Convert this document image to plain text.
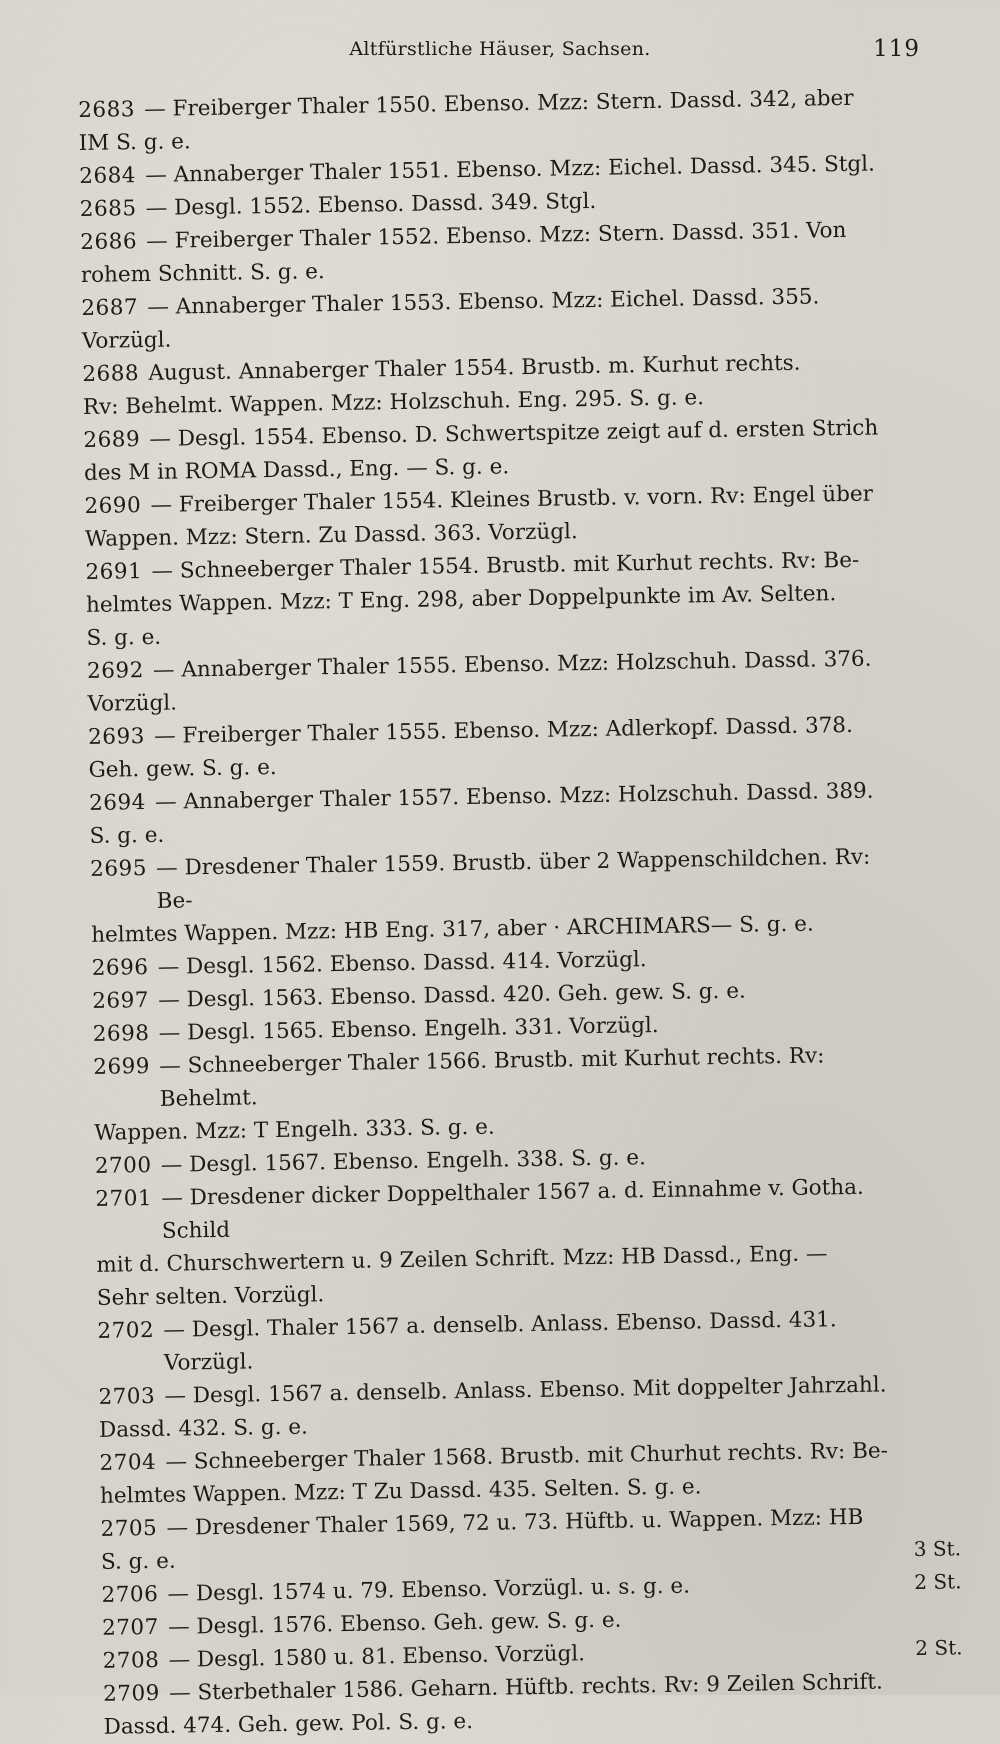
Altfürstliche Häuser, Sachsen.	119
2683 — Freiberger Thaler 1550. Ebenso. Mzz: Stern. Dassd. 342, aber
IM S. g. e.
2684 — Annaberger Thaler 1551. Ebenso. Mzz: Eichel. Dassd. 345. Stgl.
2685 — Desgl. 1552. Ebenso. Dassd. 349. Stgl.
2686 — Freiberger Thaler 1552. Ebenso. Mzz: Stern. Dassd. 351. Von
rohem Schnitt. S. g. e.
2687 — Annaberger Thaler 1553. Ebenso. Mzz: Eichel. Dassd. 355.
Vorzügl.
2688 August. Annaberger Thaler 1554. Brustb. m. Kurhut rechts.
Rv: Behelmt. Wappen. Mzz: Holzschuh. Eng. 295. S. g. e.
2689 — Desgl. 1554. Ebenso. D. Schwertspitze zeigt auf d. ersten Strich
des M in ROMA Dassd., Eng. — S. g. e.
2690 — Freiberger Thaler 1554. Kleines Brustb. v. vorn. Rv: Engel über
Wappen. Mzz: Stern. Zu Dassd. 363. Vorzügl.
2691 — Schneeberger Thaler 1554. Brustb. mit Kurhut rechts. Rv: Be-
helmtes Wappen. Mzz: T Eng. 298, aber Doppelpunkte im Av. Selten.
S. g. e.
2692 — Annaberger Thaler 1555. Ebenso. Mzz: Holzschuh. Dassd. 376.
Vorzügl.
2693 — Freiberger Thaler 1555. Ebenso. Mzz: Adlerkopf. Dassd. 378.
Geh. gew. S. g. e.
2694 — Annaberger Thaler 1557. Ebenso. Mzz: Holzschuh. Dassd. 389.
S. g. e.
2695 — Dresdener Thaler 1559. Brustb. über 2 Wappenschildchen. Rv: Be-
helmtes Wappen. Mzz: HB Eng. 317, aber · ARCHIMARS— S. g. e.
2696 — Desgl. 1562. Ebenso. Dassd. 414. Vorzügl.
2697 — Desgl. 1563. Ebenso. Dassd. 420. Geh. gew. S. g. e.
2698 — Desgl. 1565. Ebenso. Engelh. 331. Vorzügl.
2699 — Schneeberger Thaler 1566. Brustb. mit Kurhut rechts. Rv: Behelmt.
Wappen. Mzz: T Engelh. 333. S. g. e.
2700 — Desgl. 1567. Ebenso. Engelh. 338. S. g. e.
2701 — Dresdener dicker Doppelthaler 1567 a. d. Einnahme v. Gotha. Schild
mit d. Churschwertern u. 9 Zeilen Schrift. Mzz: HB Dassd., Eng. —
Sehr selten. Vorzügl.
2702 — Desgl. Thaler 1567 a. denselb. Anlass. Ebenso. Dassd. 431. Vorzügl.
2703 — Desgl. 1567 a. denselb. Anlass. Ebenso. Mit doppelter Jahrzahl.
Dassd. 432. S. g. e.
2704 — Schneeberger Thaler 1568. Brustb. mit Churhut rechts. Rv: Be-
helmtes Wappen. Mzz: T Zu Dassd. 435. Selten. S. g. e.
2705 — Dresdener Thaler 1569, 72 u. 73. Hüftb. u. Wappen. Mzz: HB
S. g. e.	3 St.
2706 — Desgl. 1574 u. 79. Ebenso. Vorzügl. u. s. g. e.	2 St.
2707 — Desgl. 1576. Ebenso. Geh. gew. S. g. e.
2708 — Desgl. 1580 u. 81. Ebenso. Vorzügl.	2 St.
2709 — Sterbethaler 1586. Geharn. Hüftb. rechts. Rv: 9 Zeilen Schrift.
Dassd. 474. Geh. gew. Pol. S. g. e.
